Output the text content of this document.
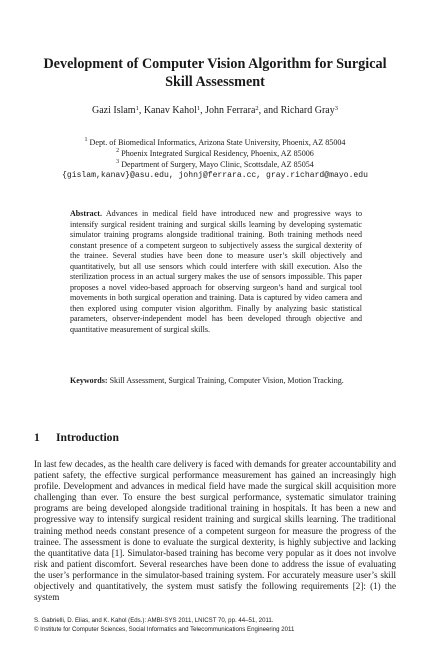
Development of Computer Vision Algorithm for Surgical
Skill Assessment
Gazi Islam$^1$, Kanav Kahol$^1$, John Ferrara$^2$, and Richard Gray$^3$
$^1$ Dept. of Biomedical Informatics, Arizona State University, Phoenix, AZ 85004
$^2$ Phoenix Integrated Surgical Residency, Phoenix, AZ 85006
$^3$ Department of Surgery, Mayo Clinic, Scottsdale, AZ 85054
{gislam,kanav}@asu.edu, johnj@ferrara.cc, gray.richard@mayo.edu
Abstract. Advances in medical field have introduced new and progressive ways to intensify surgical resident training and surgical skills learning by developing systematic simulator training programs alongside traditional training. Both training methods need constant presence of a competent surgeon to subjectively assess the surgical dexterity of the trainee. Several studies have been done to measure user’s skill objectively and quantitatively, but all use sensors which could interfere with skill execution. Also the sterilization process in an actual surgery makes the use of sensors impossible. This paper proposes a novel video-based approach for observing surgeon’s hand and surgical tool movements in both surgical operation and training. Data is captured by video camera and then explored using computer vision algorithm. Finally by analyzing basic statistical parameters, observer-independent model has been developed through objective and quantitative measurement of surgical skills.
Keywords: Skill Assessment, Surgical Training, Computer Vision, Motion Tracking.
1 Introduction
In last few decades, as the health care delivery is faced with demands for greater accountability and patient safety, the effective surgical performance measurement has gained an increasingly high profile. Development and advances in medical field have made the surgical skill acquisition more challenging than ever. To ensure the best surgical performance, systematic simulator training programs are being developed alongside traditional training in hospitals. It has been a new and progressive way to intensify surgical resident training and surgical skills learning. The traditional training method needs constant presence of a competent surgeon for measure the progress of the trainee. The assessment is done to evaluate the surgical dexterity, is highly subjective and lacking the quantitative data [1]. Simulator-based training has become very popular as it does not involve risk and patient discomfort. Several researches have been done to address the issue of evaluating the user’s performance in the simulator-based training system. For accurately measure user’s skill objectively and quantitatively, the system must satisfy the following requirements [2]: (1) the system
S. Gabrielli, D. Elias, and K. Kahol (Eds.): AMBI-SYS 2011, LNICST 70, pp. 44–51, 2011.
© Institute for Computer Sciences, Social Informatics and Telecommunications Engineering 2011
